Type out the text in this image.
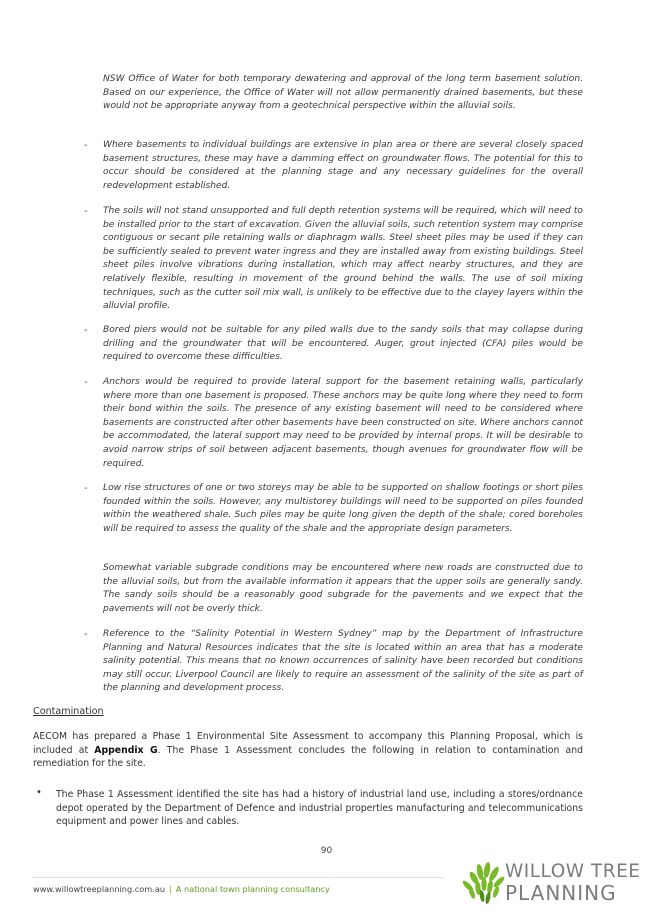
NSW Office of Water for both temporary dewatering and approval of the long term basement solution. Based on our experience, the Office of Water will not allow permanently drained basements, but these would not be appropriate anyway from a geotechnical perspective within the alluvial soils.

- Where basements to individual buildings are extensive in plan area or there are several closely spaced basement structures, these may have a damming effect on groundwater flows. The potential for this to occur should be considered at the planning stage and any necessary guidelines for the overall redevelopment established.

- The soils will not stand unsupported and full depth retention systems will be required, which will need to be installed prior to the start of excavation. Given the alluvial soils, such retention system may comprise contiguous or secant pile retaining walls or diaphragm walls. Steel sheet piles may be used if they can be sufficiently sealed to prevent water ingress and they are installed away from existing buildings. Steel sheet piles involve vibrations during installation, which may affect nearby structures, and they are relatively flexible, resulting in movement of the ground behind the walls. The use of soil mixing techniques, such as the cutter soil mix wall, is unlikely to be effective due to the clayey layers within the alluvial profile.

- Bored piers would not be suitable for any piled walls due to the sandy soils that may collapse during drilling and the groundwater that will be encountered. Auger, grout injected (CFA) piles would be required to overcome these difficulties.

- Anchors would be required to provide lateral support for the basement retaining walls, particularly where more than one basement is proposed. These anchors may be quite long where they need to form their bond within the soils. The presence of any existing basement will need to be considered where basements are constructed after other basements have been constructed on site. Where anchors cannot be accommodated, the lateral support may need to be provided by internal props. It will be desirable to avoid narrow strips of soil between adjacent basements, though avenues for groundwater flow will be required.

- Low rise structures of one or two storeys may be able to be supported on shallow footings or short piles founded within the soils. However, any multistorey buildings will need to be supported on piles founded within the weathered shale. Such piles may be quite long given the depth of the shale; cored boreholes will be required to assess the quality of the shale and the appropriate design parameters.

Somewhat variable subgrade conditions may be encountered where new roads are constructed due to the alluvial soils, but from the available information it appears that the upper soils are generally sandy. The sandy soils should be a reasonably good subgrade for the pavements and we expect that the pavements will not be overly thick.

- Reference to the “Salinity Potential in Western Sydney” map by the Department of Infrastructure Planning and Natural Resources indicates that the site is located within an area that has a moderate salinity potential. This means that no known occurrences of salinity have been recorded but conditions may still occur. Liverpool Council are likely to require an assessment of the salinity of the site as part of the planning and development process.

Contamination

AECOM has prepared a Phase 1 Environmental Site Assessment to accompany this Planning Proposal, which is included at Appendix G. The Phase 1 Assessment concludes the following in relation to contamination and remediation for the site.

• The Phase 1 Assessment identified the site has had a history of industrial land use, including a stores/ordnance depot operated by the Department of Defence and industrial properties manufacturing and telecommunications equipment and power lines and cables.

90
www.willowtreeplanning.com.au | A national town planning consultancy
WILLOW TREE
PLANNING
